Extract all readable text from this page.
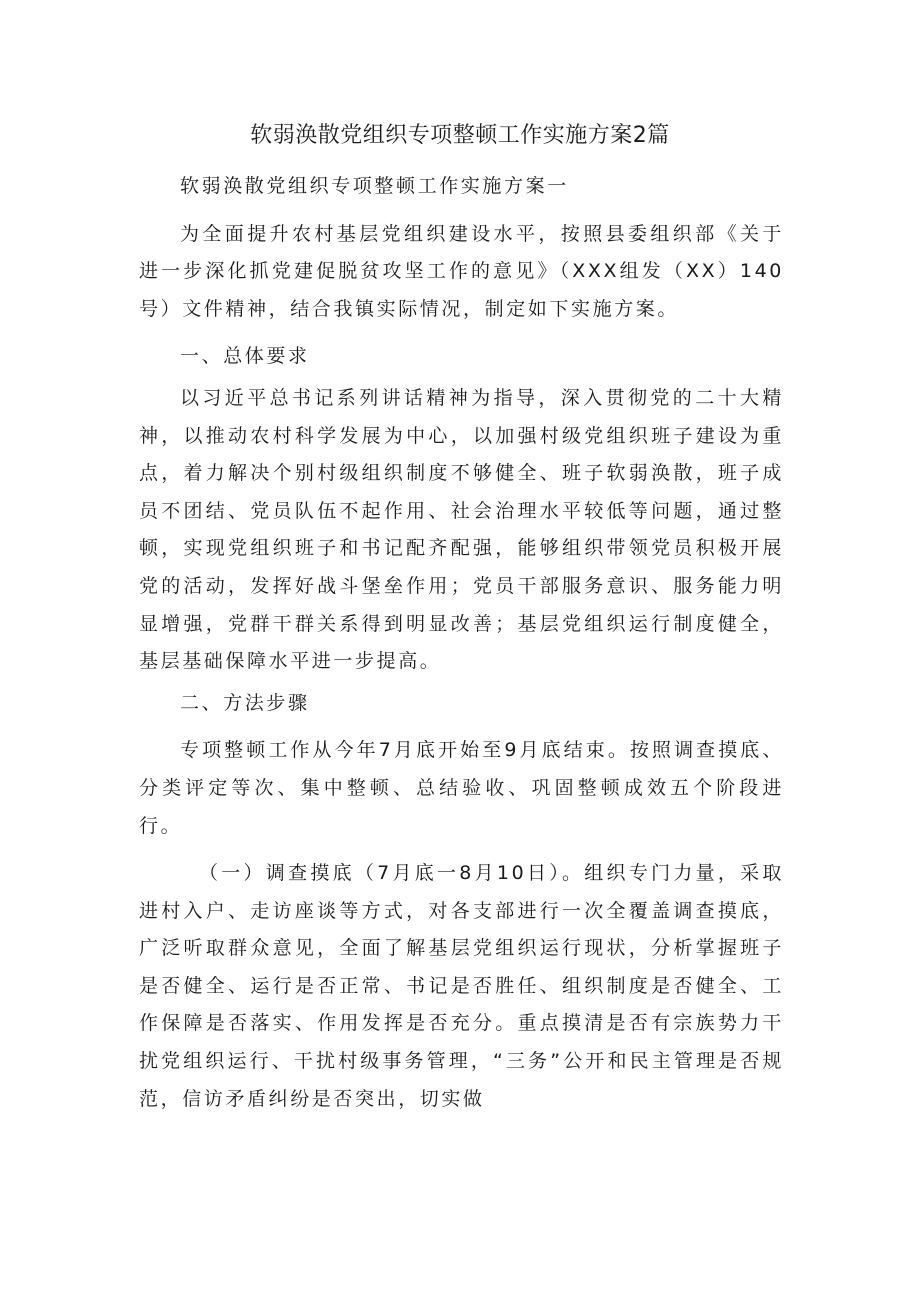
软弱涣散党组织专项整顿工作实施方案2篇

软弱涣散党组织专项整顿工作实施方案一

为全面提升农村基层党组织建设水平，按照县委组织部《关于进一步深化抓党建促脱贫攻坚工作的意见》（XXX组发（XX）140号）文件精神，结合我镇实际情况，制定如下实施方案。

一、总体要求

以习近平总书记系列讲话精神为指导，深入贯彻党的二十大精神，以推动农村科学发展为中心，以加强村级党组织班子建设为重点，着力解决个别村级组织制度不够健全、班子软弱涣散，班子成员不团结、党员队伍不起作用、社会治理水平较低等问题，通过整顿，实现党组织班子和书记配齐配强，能够组织带领党员积极开展党的活动，发挥好战斗堡垒作用；党员干部服务意识、服务能力明显增强，党群干群关系得到明显改善；基层党组织运行制度健全，基层基础保障水平进一步提高。

二、方法步骤

专项整顿工作从今年7月底开始至9月底结束。按照调查摸底、分类评定等次、集中整顿、总结验收、巩固整顿成效五个阶段进行。

（一）调查摸底（7月底一8月10日）。组织专门力量，采取进村入户、走访座谈等方式，对各支部进行一次全覆盖调查摸底，广泛听取群众意见，全面了解基层党组织运行现状，分析掌握班子是否健全、运行是否正常、书记是否胜任、组织制度是否健全、工作保障是否落实、作用发挥是否充分。重点摸清是否有宗族势力干扰党组织运行、干扰村级事务管理，“三务”公开和民主管理是否规范，信访矛盾纠纷是否突出，切实做
